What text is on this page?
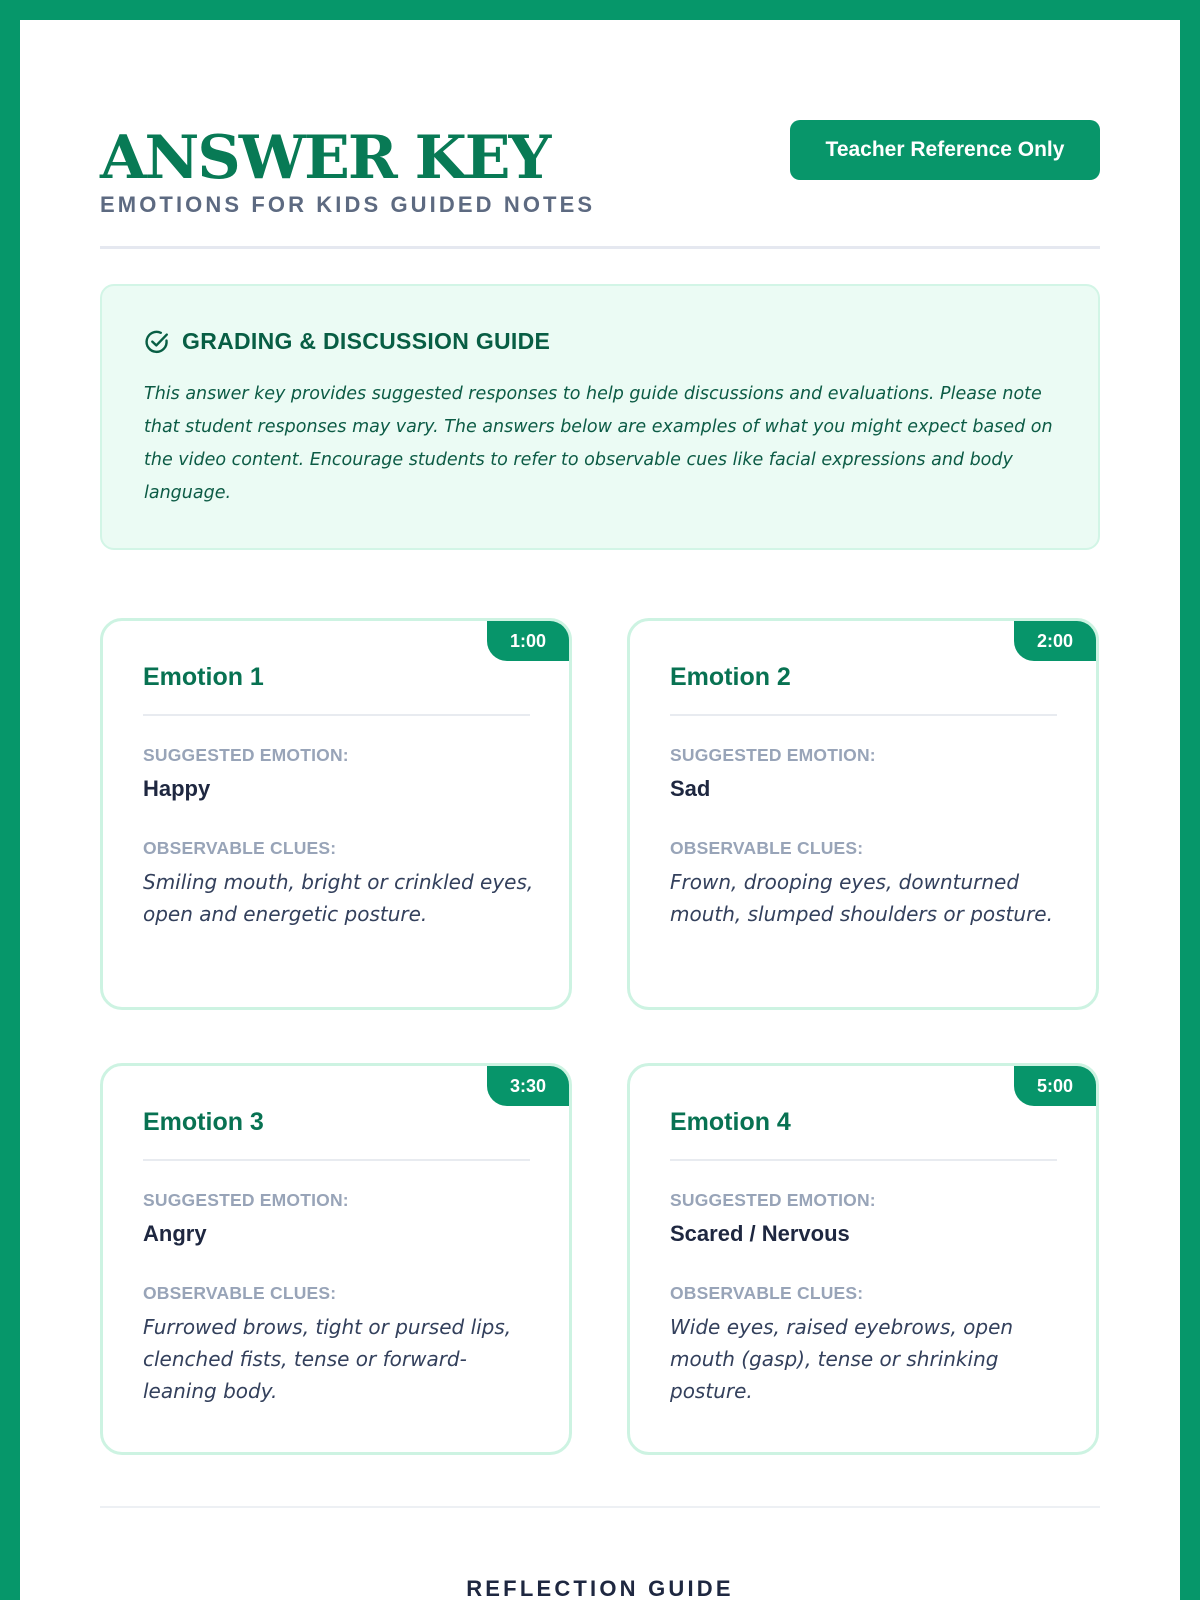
ANSWER KEY
EMOTIONS FOR KIDS GUIDED NOTES
Teacher Reference Only
GRADING & DISCUSSION GUIDE
This answer key provides suggested responses to help guide discussions and evaluations. Please note that student responses may vary. The answers below are examples of what you might expect based on the video content. Encourage students to refer to observable cues like facial expressions and body language.
1:00
Emotion 1
SUGGESTED EMOTION:
Happy
OBSERVABLE CLUES:
Smiling mouth, bright or crinkled eyes, open and energetic posture.
2:00
Emotion 2
SUGGESTED EMOTION:
Sad
OBSERVABLE CLUES:
Frown, drooping eyes, downturned mouth, slumped shoulders or posture.
3:30
Emotion 3
SUGGESTED EMOTION:
Angry
OBSERVABLE CLUES:
Furrowed brows, tight or pursed lips, clenched fists, tense or forward-leaning body.
5:00
Emotion 4
SUGGESTED EMOTION:
Scared / Nervous
OBSERVABLE CLUES:
Wide eyes, raised eyebrows, open mouth (gasp), tense or shrinking posture.
REFLECTION GUIDE
